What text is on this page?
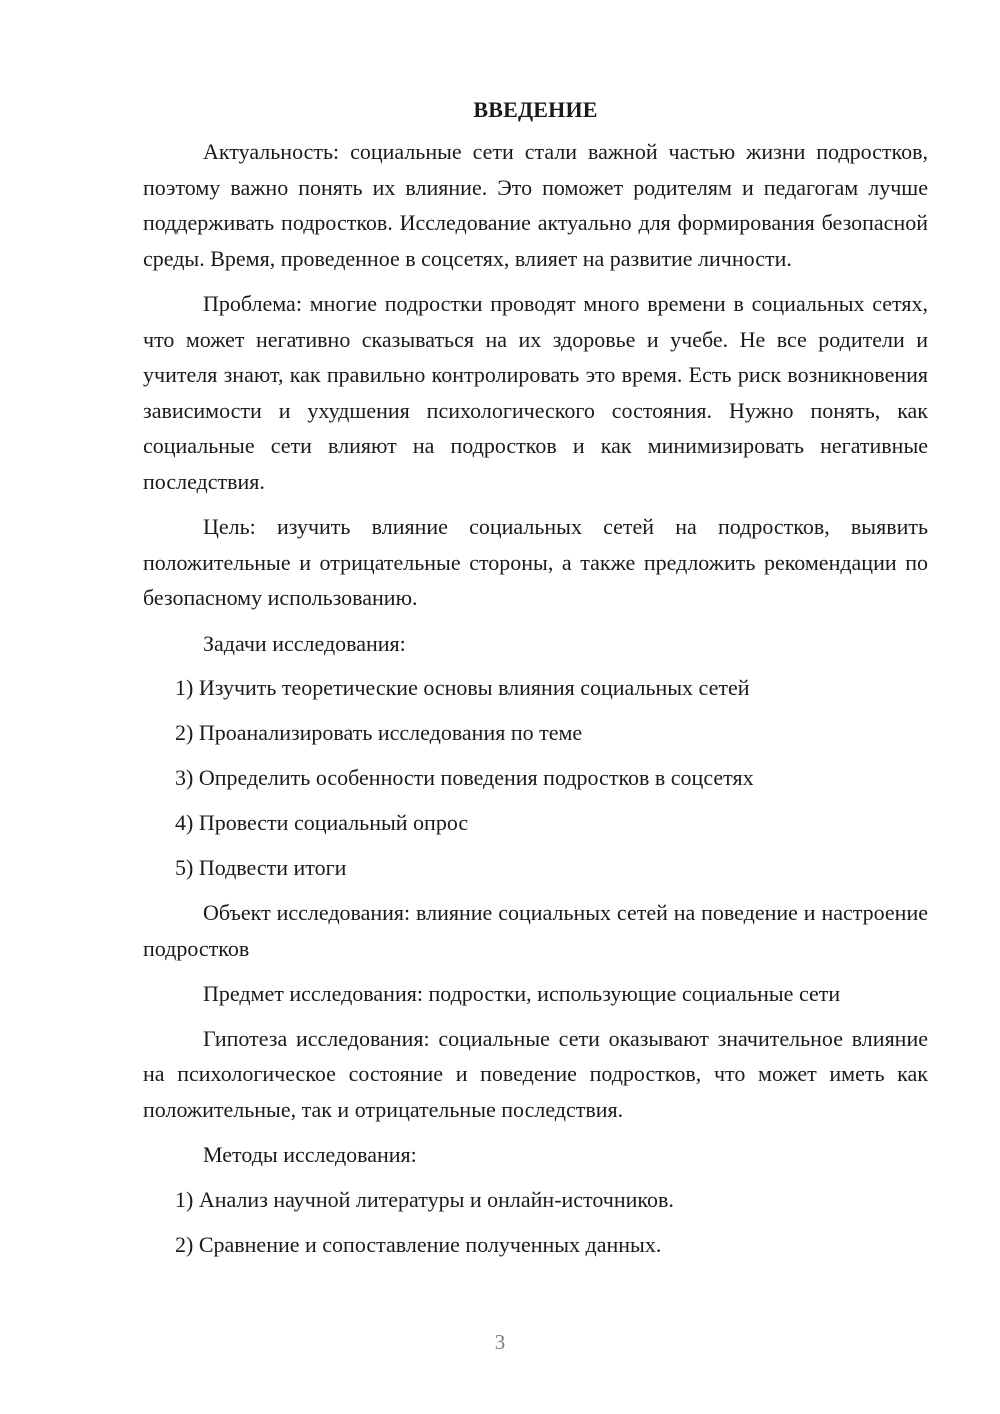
ВВЕДЕНИЕ

Актуальность: социальные сети стали важной частью жизни подростков, поэтому важно понять их влияние. Это поможет родителям и педагогам лучше поддерживать подростков. Исследование актуально для формирования безопасной среды. Время, проведенное в соцсетях, влияет на развитие личности.

Проблема: многие подростки проводят много времени в социальных сетях, что может негативно сказываться на их здоровье и учебе. Не все родители и учителя знают, как правильно контролировать это время. Есть риск возникновения зависимости и ухудшения психологического состояния. Нужно понять, как социальные сети влияют на подростков и как минимизировать негативные последствия.

Цель: изучить влияние социальных сетей на подростков, выявить положительные и отрицательные стороны, а также предложить рекомендации по безопасному использованию.

Задачи исследования:

1) Изучить теоретические основы влияния социальных сетей
2) Проанализировать исследования по теме
3) Определить особенности поведения подростков в соцсетях
4) Провести социальный опрос
5) Подвести итоги

Объект исследования: влияние социальных сетей на поведение и настроение подростков

Предмет исследования: подростки, использующие социальные сети

Гипотеза исследования: социальные сети оказывают значительное влияние на психологическое состояние и поведение подростков, что может иметь как положительные, так и отрицательные последствия.

Методы исследования:

1) Анализ научной литературы и онлайн-источников.
2) Сравнение и сопоставление полученных данных.
3
